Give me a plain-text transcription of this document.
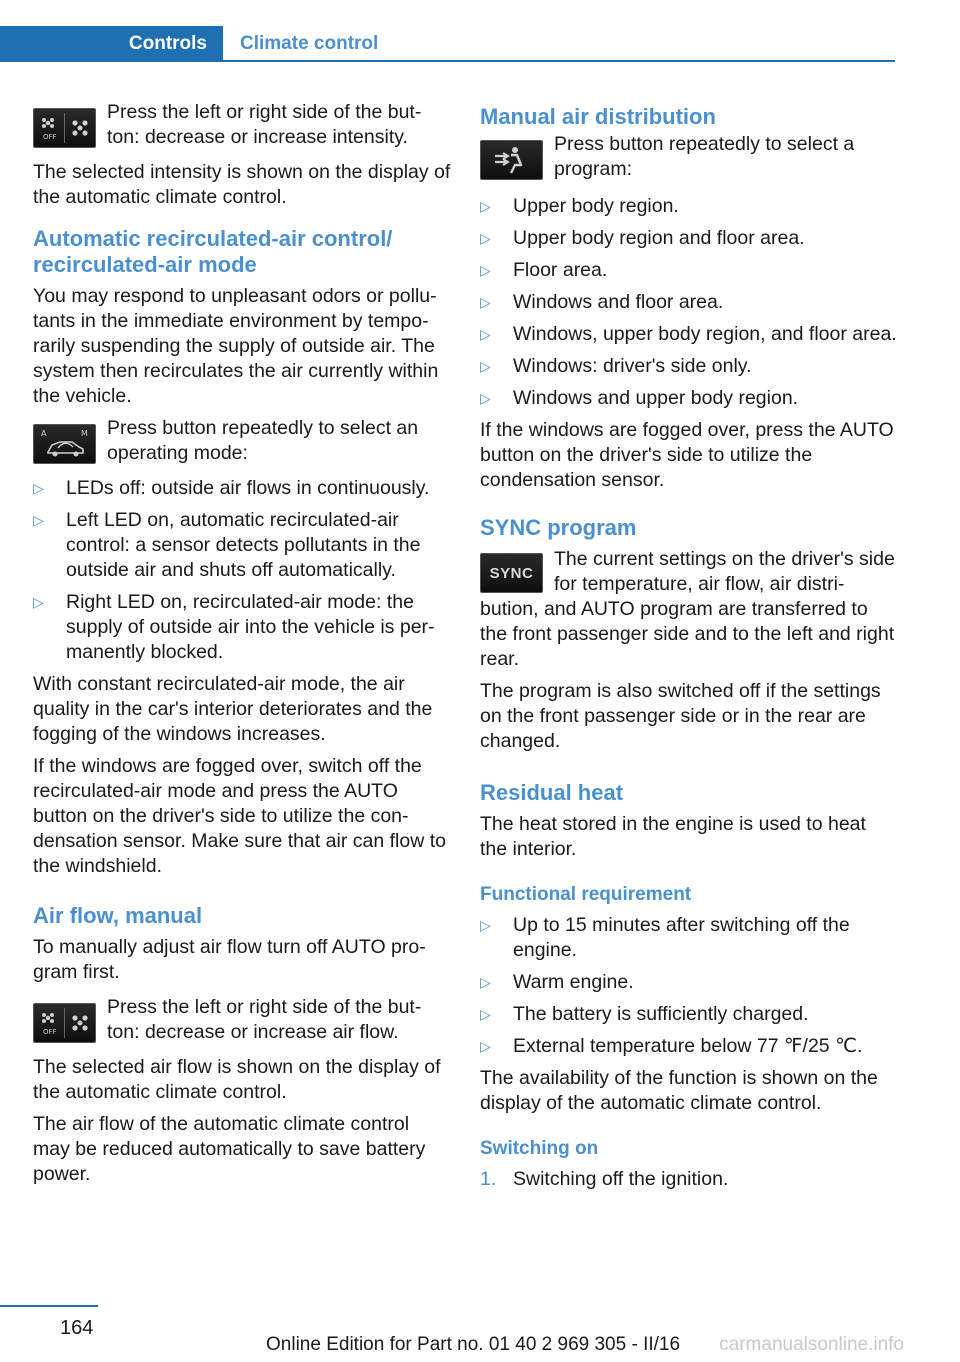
Controls	Climate control
OFF
Press the left or right side of the but-ton: decrease or increase intensity.

The selected intensity is shown on the display of the automatic climate control.

Automatic recirculated-air control/ recirculated-air mode

You may respond to unpleasant odors or pollu-tants in the immediate environment by tempo-rarily suspending the supply of outside air. The system then recirculates the air currently within the vehicle.

A	M Press button repeatedly to select an operating mode:
▷ LEDs off: outside air flows in continuously.
▷ Left LED on, automatic recirculated-air control: a sensor detects pollutants in the outside air and shuts off automatically.
▷ Right LED on, recirculated-air mode: the supply of outside air into the vehicle is per-manently blocked.

With constant recirculated-air mode, the air quality in the car's interior deteriorates and the fogging of the windows increases.

If the windows are fogged over, switch off the recirculated-air mode and press the AUTO button on the driver's side to utilize the con-densation sensor. Make sure that air can flow to the windshield.

Air flow, manual

To manually adjust air flow turn off AUTO pro-gram first.

OFF
Press the left or right side of the but-ton: decrease or increase air flow.

The selected air flow is shown on the display of the automatic climate control.

The air flow of the automatic climate control may be reduced automatically to save battery power.

Manual air distribution
Press button repeatedly to select a program:
▷ Upper body region.
▷ Upper body region and floor area.
▷ Floor area.
▷ Windows and floor area.
▷ Windows, upper body region, and floor area.
▷ Windows: driver's side only.
▷ Windows and upper body region.

If the windows are fogged over, press the AUTO button on the driver's side to utilize the condensation sensor.

SYNC program
SYNC
The current settings on the driver's side for temperature, air flow, air distri-bution, and AUTO program are transferred to the front passenger side and to the left and right rear.

The program is also switched off if the settings on the front passenger side or in the rear are changed.

Residual heat

The heat stored in the engine is used to heat the interior.

Functional requirement
▷ Up to 15 minutes after switching off the engine.
▷ Warm engine.
▷ The battery is sufficiently charged.
▷ External temperature below 77 ℉/25 ℃.

The availability of the function is shown on the display of the automatic climate control.

Switching on
1. Switching off the ignition.
164
Online Edition for Part no. 01 40 2 969 305 - II/16 carmanualsonline.info
